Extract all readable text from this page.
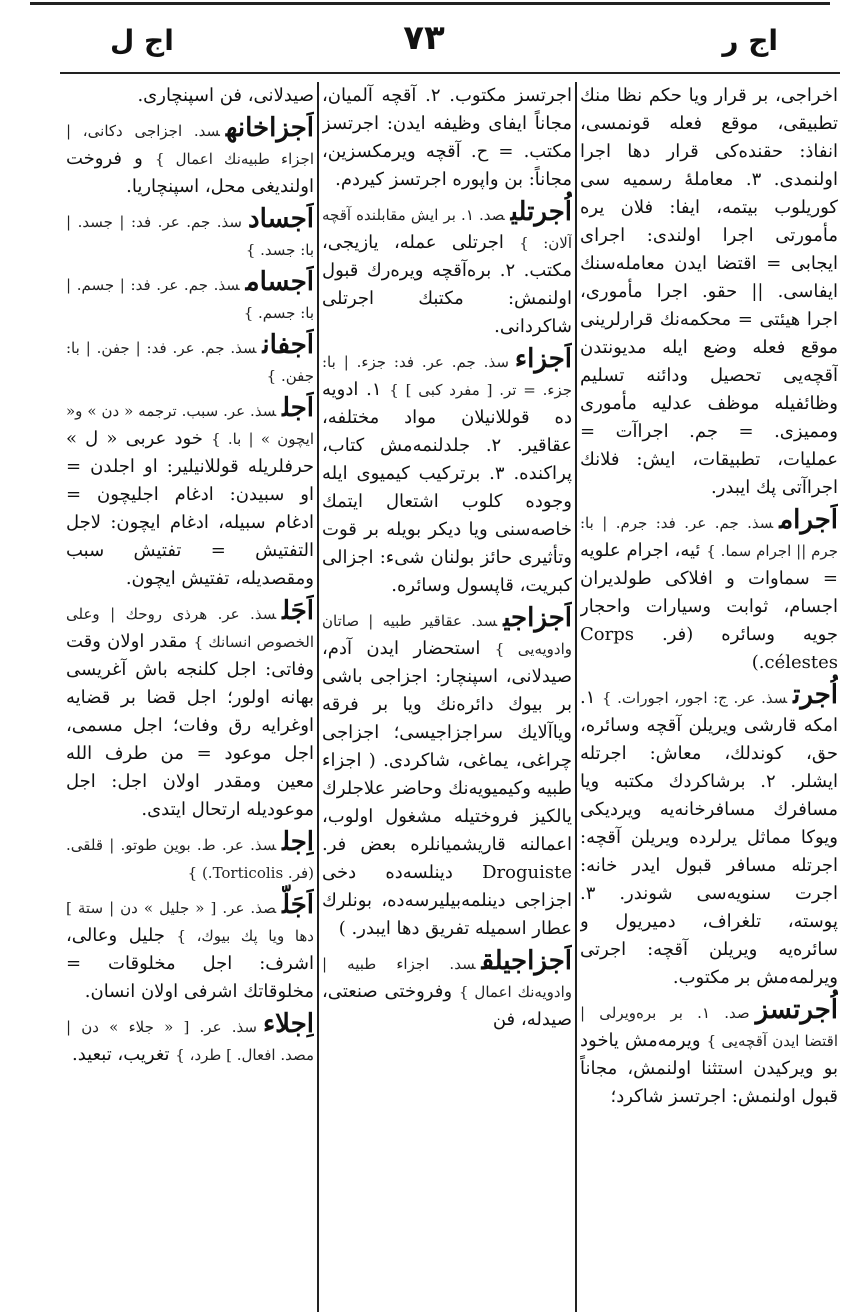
اج ر
٧٣
اج ل

اخراجی، بر قرار ویا حکم نظا منك تطبیقی، موقع فعله قونمسی، انفاذ: حقنده‌کی قرار دها اجرا اولنمدی. ٣. معامله‌ٔ رسمیه سی کوریلوب بیتمه، ایفا: فلان یره مأمورتی اجرا اولندی: اجرای ایجابی = اقتضا ایدن معامله‌سنك ایفاسی. || حقو. اجرا مأموری، اجرا هیئتی = محکمه‌نك قرارلرینی موقع فعله وضع ایله مدیونتدن آقچه‌یی تحصیل ودائنه تسلیم وظائفیله موظف عدلیه مأموری وممیزی. = جم. اجراآت = عملیات، تطبیقات، ایش: فلانك اجراآتی پك ایبدر.

اَجرامسذ. جم. عر. فد: جرم. | با: جرم || اجرام سما. } ئیه، اجرام علویه = سماوات و افلاکی طولدیران اجسام، ثوابت وسیارات واحجار جویه وسائره (فر. Corps célestes.)

اُجرتسذ. عر. ج: اجور، اجورات. } ١. امکه قارشی ویریلن آقچه وسائره، حق، کوندلك، معاش: اجرتله ایشلر. ٢. برشاکردك مکتبه ویا مسافرك مسافرخانه‌یه ویردیکی ویوکا مماثل یرلرده ویریلن آقچه: اجرتله مسافر قبول ایدر خانه: اجرت سنویه‌سی شوندر. ٣. پوسته، تلغراف، دمیریول و سائره‌یه ویریلن آقچه: اجرتی ویرلمه‌مش بر مکتوب.

اُجرتسزصد. ١. بر بره‌ویرلی | اقتضا ایدن آقچه‌یی } ویرمه‌مش یاخود بو ویرکیدن استثنا اولنمش، مجاناً قبول اولنمش: اجرتسز شاکرد؛

اجرتسز مکتوب. ٢. آقچه آلمیان، مجاناً ایفای وظیفه ایدن: اجرتسز مکتب. = ح. آقچه ویرمکسزین، مجاناً: بن واپوره اجرتسز کیردم.

اُجرتلیصد. ١. بر ایش مقابلنده آقچه آلان: } اجرتلی عمله، یازیجی، مکتب. ٢. بره‌آقچه ویره‌رك قبول اولنمش: مکتبك اجرتلی شاکردانی.

اَجزاءسذ. جم. عر. فد: جزء. | با: جزء. = تر. [ مفرد کبی ] } ١. ادویه ده قوللانیلان مواد مختلفه، عقاقیر. ٢. جلدلنمه‌مش کتاب، پراکنده. ٣. برترکیب کیمیوی ایله وجوده کلوب اشتعال ایتمك خاصه‌سنی ویا دیکر بویله بر قوت وتأثیری حائز بولنان شیء: اجزالی کبریت، قاپسول وسائره.

اَجزاجیسد. عقاقیر طبیه | صاتان وادویه‌یی } استحضار ایدن آدم، صیدلانی، اسپنچار: اجزاجی باشی بر بیوك دائره‌نك ویا بر فرقه ویاآلایك سراجزاجیسی؛ اجزاجی چراغی، یماغی، شاکردی. ( اجزاء طبیه وکیمیویه‌نك وحاضر علاجلرك یالکیز فروختیله مشغول اولوب، اعمالنه قاریشمیانلره بعض فر. Droguiste دینلسه‌ده دخی اجزاجی دینلمه‌بیلیرسه‌ده، بونلرك عطار اسمیله تفریق دها ایبدر. )

اَجزاجیلقسد. اجزاء طبیه | وادویه‌نك اعمال } وفروختی صنعتی، صیدله، فن

صیدلانی، فن اسپنچاری.

اَجزاخانهسد. اجزاجی دکانی، | اجزاء طبیه‌نك اعمال } و فروخت اولندیغی محل، اسپنچاریا.

اَجسادسذ. جم. عر. فد: | جسد. | با: جسد. }

اَجسامسذ. جم. عر. فد: | جسم. | با: جسم. }

اَجفانسذ. جم. عر. فد: | جفن. | با: جفن. }

اَجلسذ. عر. سبب. ترجمه « دن » و« ایچون » | با. } خود عربی « ل » حرفلریله قوللانیلیر: او اجلدن = او سبیدن: ادغام اجلیچون = ادغام سبیله، ادغام ایچون: لاجل التفتیش = تفتیش سبب ومقصدیله، تفتیش ایچون.

اَجَلسذ. عر. هرذی روحك | وعلی الخصوص انسانك } مقدر اولان وقت وفاتی: اجل کلنجه باش آغریسی بهانه اولور؛ اجل قضا بر قضایه اوغرایه رق وفات؛ اجل مسمی، اجل موعود = من طرف الله معین ومقدر اولان اجل: اجل موعودیله ارتحال ایتدی.

اِجلسذ. عر. ط. بوین طوتو. | قلقی. (فر. Torticolis.) }

اَجَلّصذ. عر. [ « جلیل » دن | ستة ] دها ویا پك بیوك، } جلیل وعالی، اشرف: اجل مخلوقات = مخلوقاتك اشرفی اولان انسان.

اِجلاءسذ. عر. [ « جلاء » دن | مصد. افعال. ] طرد، } تغریب، تبعید.
